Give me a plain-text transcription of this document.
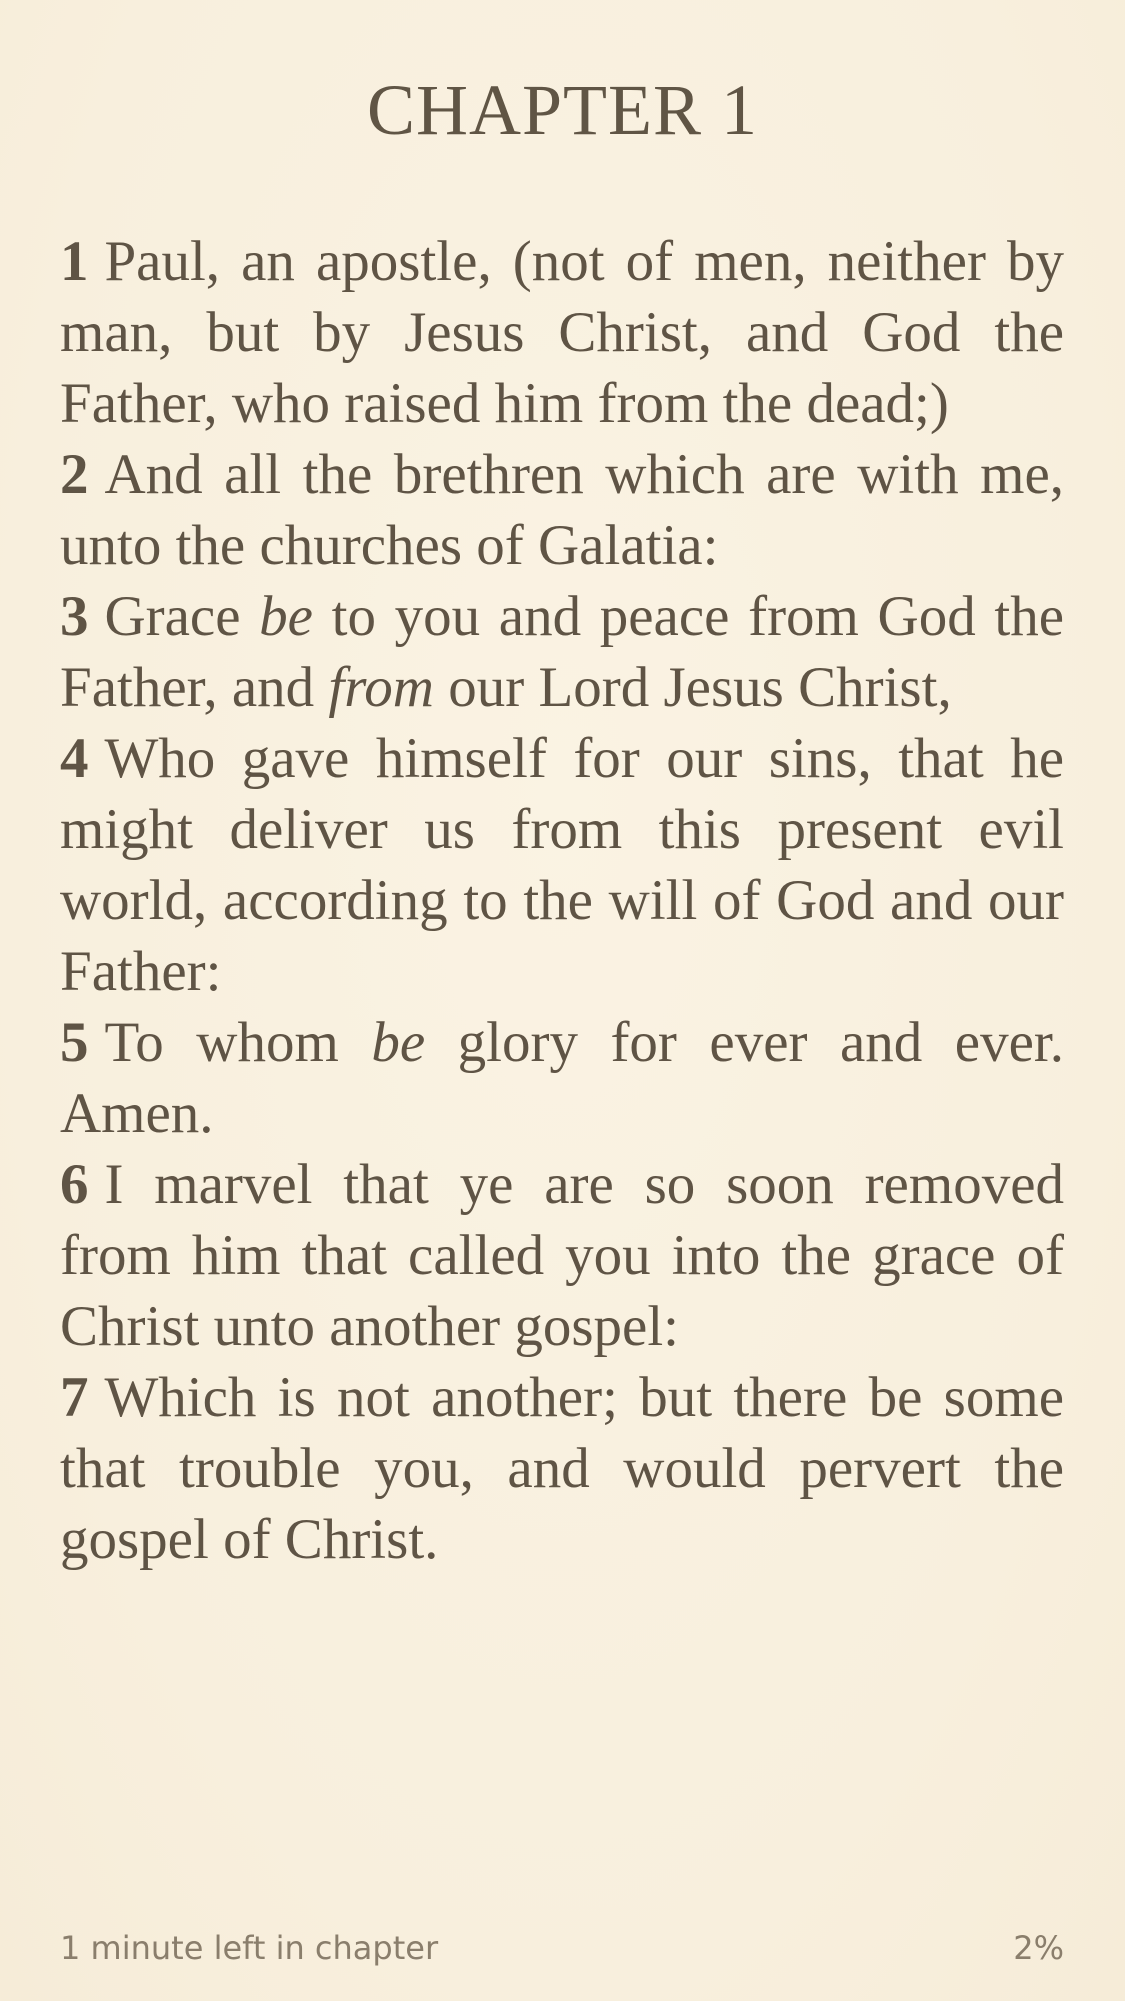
CHAPTER 1

1 Paul, an apostle, (not of men, neither by man, but by Jesus Christ, and God the Father, who raised him from the dead;)

2 And all the brethren which are with me, unto the churches of Galatia:

3 Grace be to you and peace from God the Father, and from our Lord Jesus Christ,

4 Who gave himself for our sins, that he might deliver us from this present evil world, according to the will of God and our Father:

5 To whom be glory for ever and ever. Amen.

6 I marvel that ye are so soon removed from him that called you into the grace of Christ unto another gospel:

7 Which is not another; but there be some that trouble you, and would pervert the gospel of Christ.

1 minute left in chapter	2%
